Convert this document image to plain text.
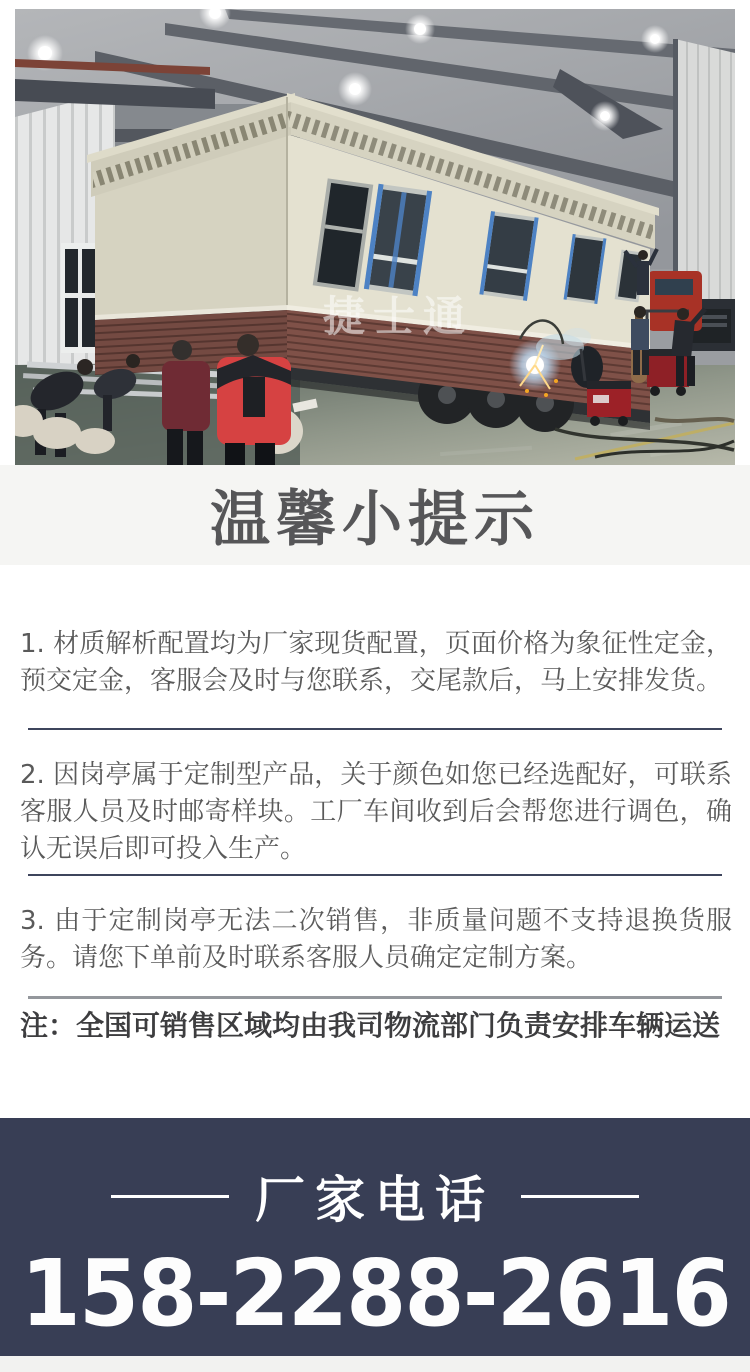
捷士通
温馨小提示

1. 材质解析配置均为厂家现货配置，页面价格为象征性定金，预交定金，客服会及时与您联系，交尾款后，马上安排发货。

2. 因岗亭属于定制型产品，关于颜色如您已经选配好，可联系客服人员及时邮寄样块。工厂车间收到后会帮您进行调色，确认无误后即可投入生产。

3. 由于定制岗亭无法二次销售，非质量问题不支持退换货服务。请您下单前及时联系客服人员确定定制方案。

注：全国可销售区域均由我司物流部门负责安排车辆运送

厂家电话
158-2288-2616
